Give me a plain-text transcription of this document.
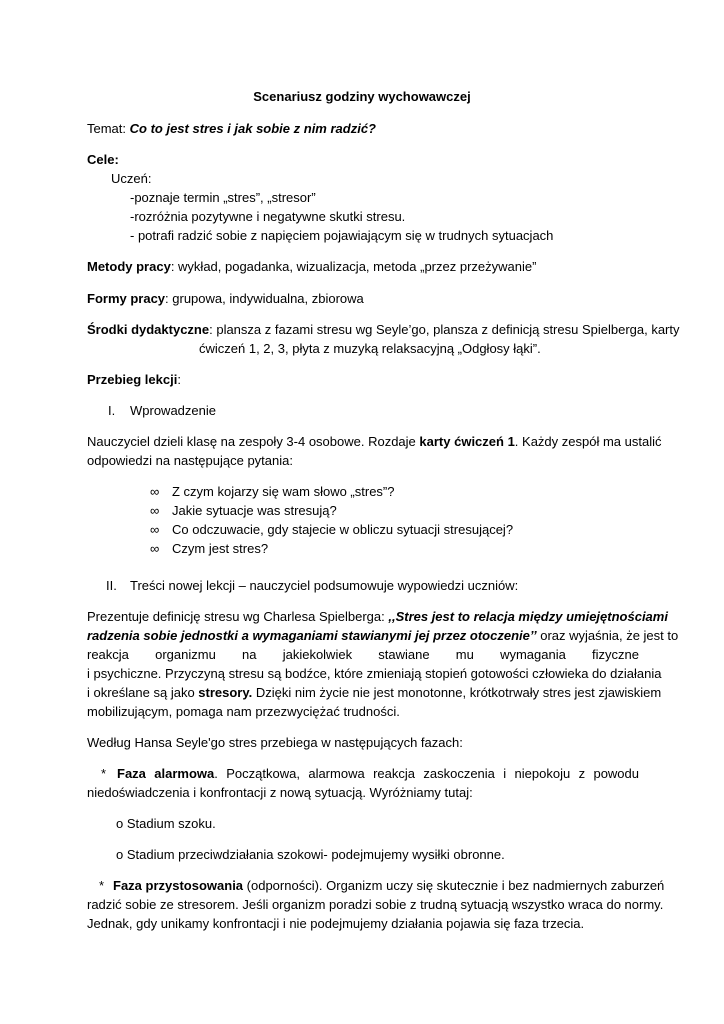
Scenariusz godziny wychowawczej
Temat: Co to jest stres i jak sobie z nim radzić?
Cele:
Uczeń:
-poznaje termin „stres”, „stresor”
-rozróżnia pozytywne i negatywne skutki stresu.
- potrafi radzić sobie z napięciem pojawiającym się w trudnych sytuacjach
Metody pracy: wykład, pogadanka, wizualizacja, metoda „przez przeżywanie”
Formy pracy: grupowa, indywidualna, zbiorowa
Środki dydaktyczne: plansza z fazami stresu wg Seyle’go, plansza z definicją stresu Spielberga, karty
ćwiczeń 1, 2, 3, płyta z muzyką relaksacyjną „Odgłosy łąki”.
Przebieg lekcji:
I. Wprowadzenie
Nauczyciel dzieli klasę na zespoły 3-4 osobowe. Rozdaje karty ćwiczeń 1. Każdy zespół ma ustalić
odpowiedzi na następujące pytania:
∞ Z czym kojarzy się wam słowo „stres”?
∞ Jakie sytuacje was stresują?
∞ Co odczuwacie, gdy stajecie w obliczu sytuacji stresującej?
∞ Czym jest stres?
II. Treści nowej lekcji – nauczyciel podsumowuje wypowiedzi uczniów:
Prezentuje definicję stresu wg Charlesa Spielberga: ,,Stres jest to relacja między umiejętnościami
radzenia sobie jednostki a wymaganiami stawianymi jej przez otoczenie’’ oraz wyjaśnia, że jest to
reakcja organizmu na jakiekolwiek stawiane mu wymagania fizyczne
i psychiczne. Przyczyną stresu są bodźce, które zmieniają stopień gotowości człowieka do działania
i określane są jako stresory. Dzięki nim życie nie jest monotonne, krótkotrwały stres jest zjawiskiem
mobilizującym, pomaga nam przezwyciężać trudności.
Według Hansa Seyle'go stres przebiega w następujących fazach:
* Faza alarmowa. Początkowa, alarmowa reakcja zaskoczenia i niepokoju z powodu
niedoświadczenia i konfrontacji z nową sytuacją. Wyróżniamy tutaj:
o Stadium szoku.
o Stadium przeciwdziałania szokowi- podejmujemy wysiłki obronne.
* Faza przystosowania (odporności). Organizm uczy się skutecznie i bez nadmiernych zaburzeń
radzić sobie ze stresorem. Jeśli organizm poradzi sobie z trudną sytuacją wszystko wraca do normy.
Jednak, gdy unikamy konfrontacji i nie podejmujemy działania pojawia się faza trzecia.
